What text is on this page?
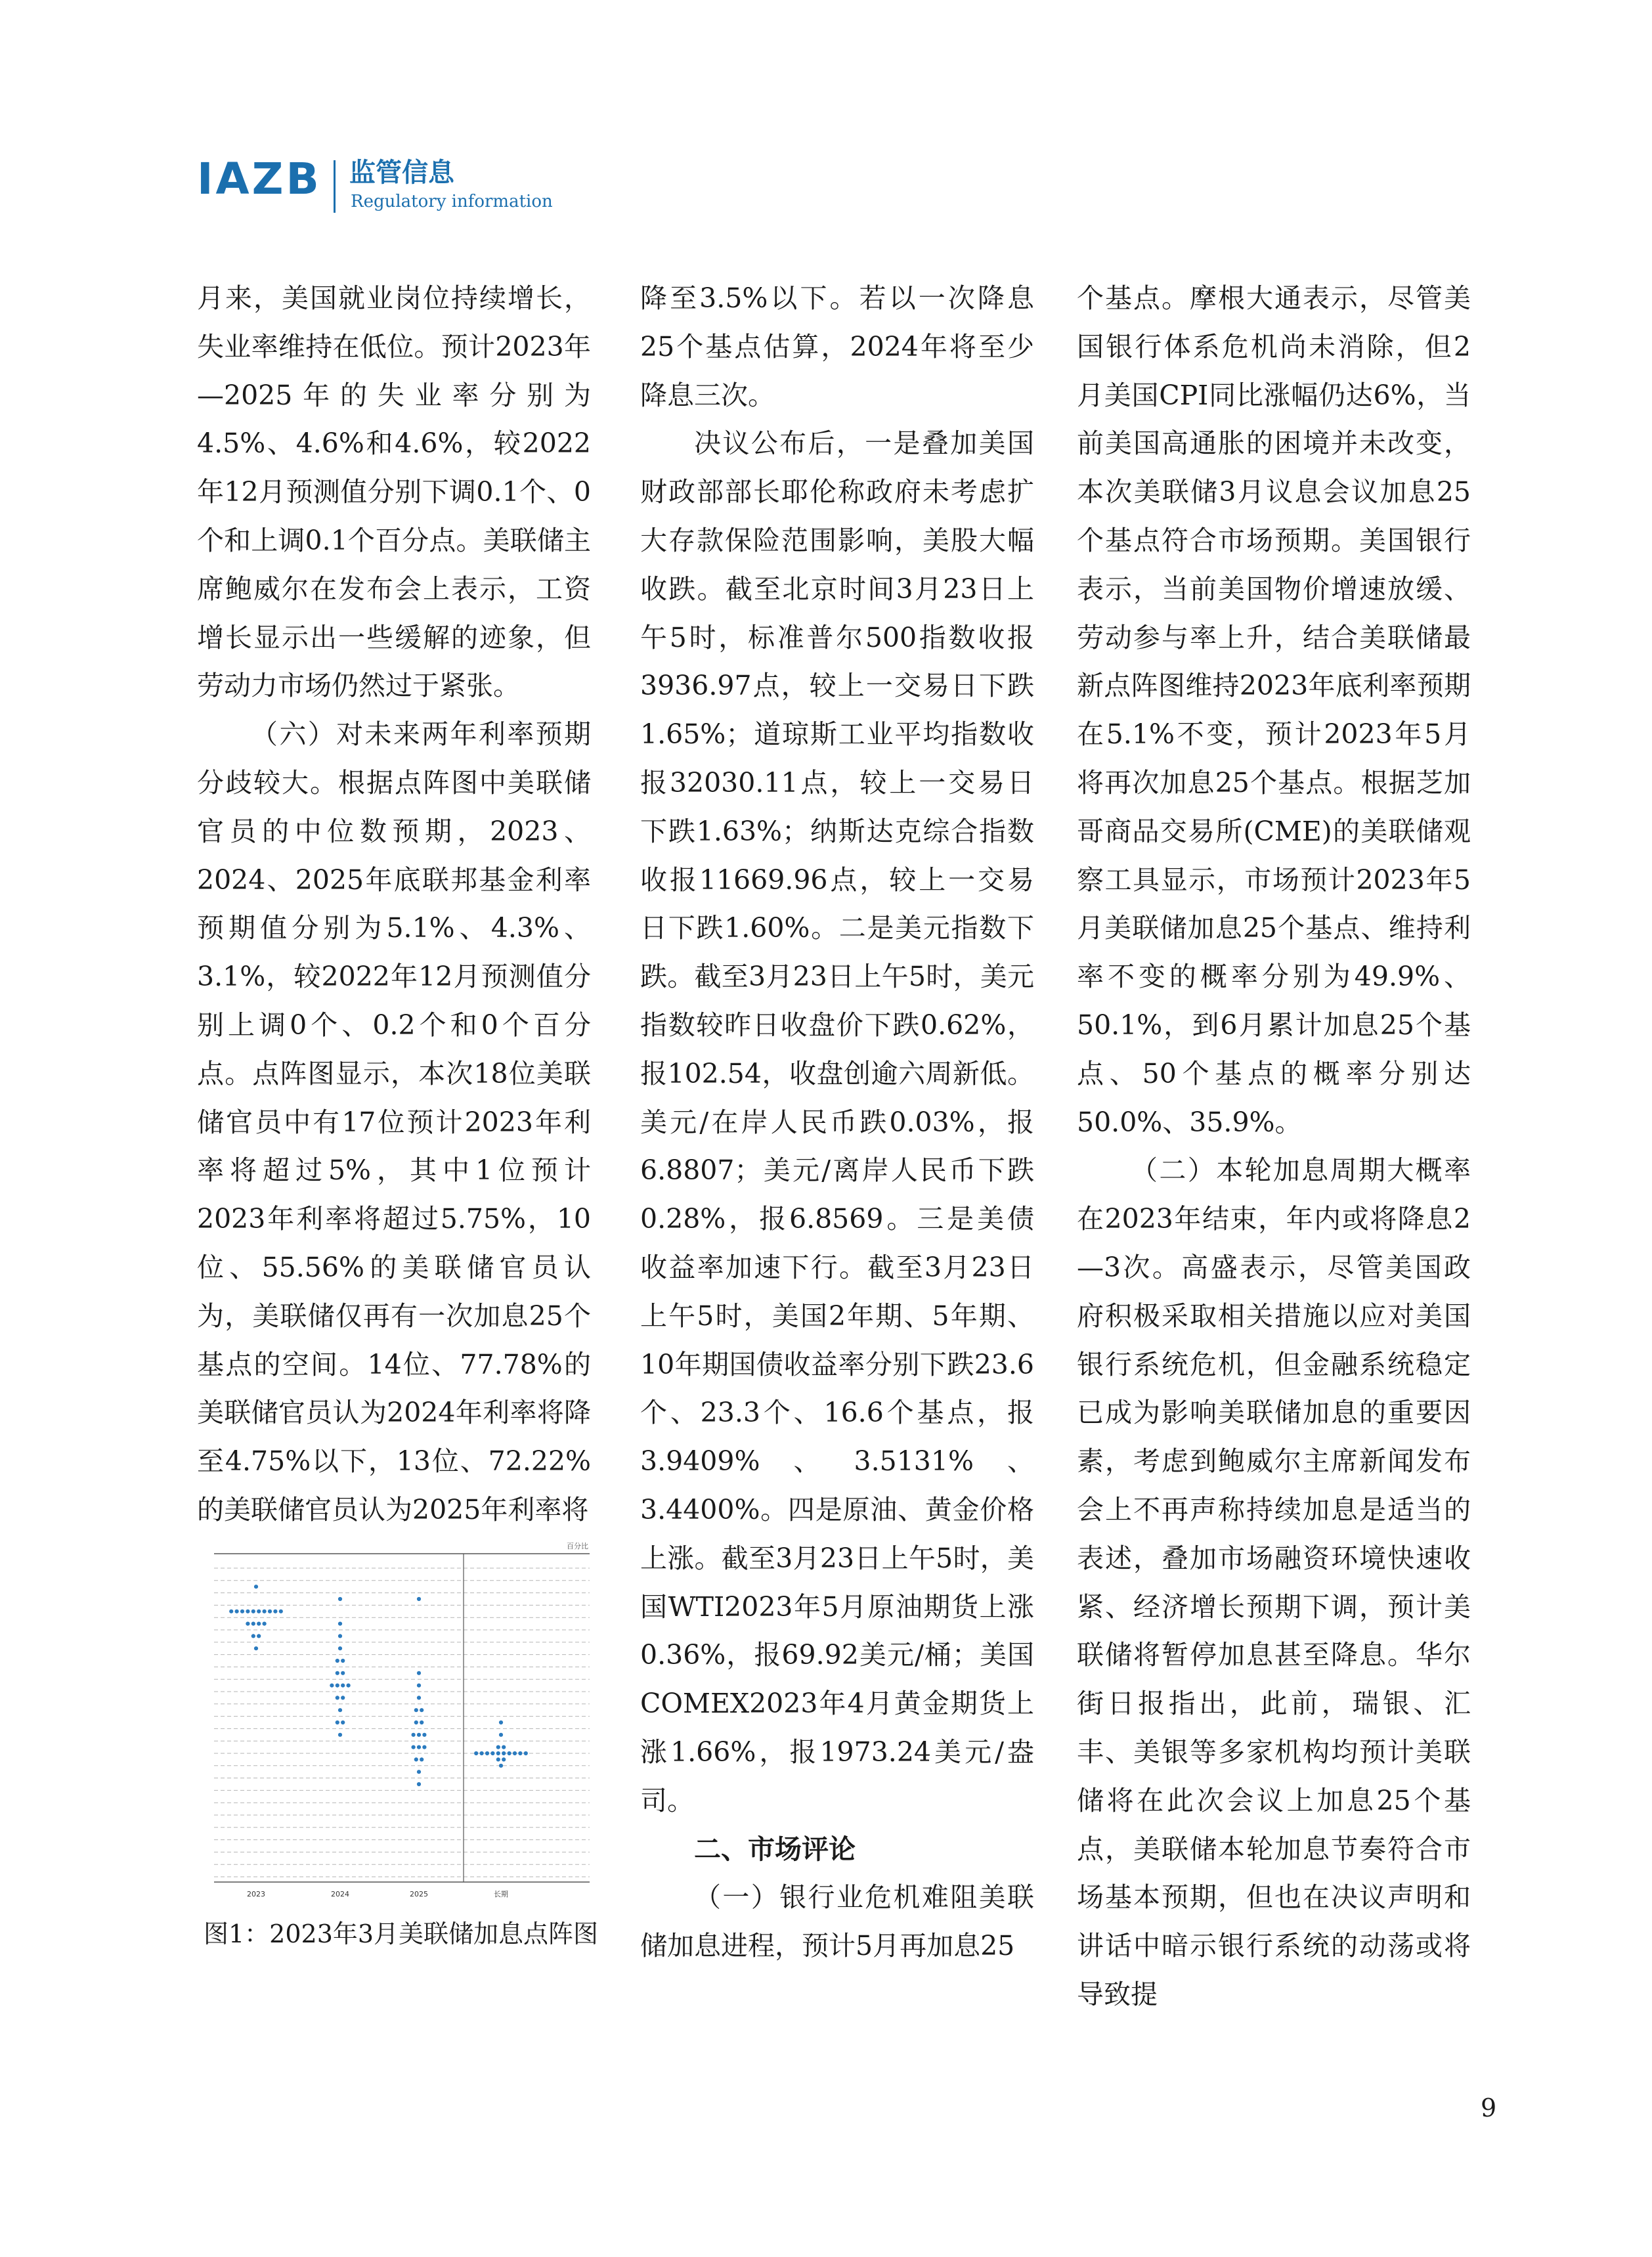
IAZB 监管信息
Regulatory information

月来，美国就业岗位持续增长，失业率维持在低位。预计2023年—2025年的失业率分别为4.5%、4.6%和4.6%，较2022年12月预测值分别下调0.1个、0个和上调0.1个百分点。美联储主席鲍威尔在发布会上表示，工资增长显示出一些缓解的迹象，但劳动力市场仍然过于紧张。

（六）对未来两年利率预期分歧较大。根据点阵图中美联储官员的中位数预期，2023、2024、2025年底联邦基金利率预期值分别为5.1%、4.3%、3.1%，较2022年12月预测值分别上调0个、0.2个和0个百分点。点阵图显示，本次18位美联储官员中有17位预计2023年利率将超过5%，其中1位预计2023年利率将超过5.75%，10位、55.56%的美联储官员认为，美联储仅再有一次加息25个基点的空间。14位、77.78%的美联储官员认为2024年利率将降至4.75%以下，13位、72.22%的美联储官员认为2025年利率将

降至3.5%以下。若以一次降息25个基点估算，2024年将至少降息三次。

决议公布后，一是叠加美国财政部部长耶伦称政府未考虑扩大存款保险范围影响，美股大幅收跌。截至北京时间3月23日上午5时，标准普尔500指数收报3936.97点，较上一交易日下跌1.65%；道琼斯工业平均指数收报32030.11点，较上一交易日下跌1.63%；纳斯达克综合指数收报11669.96点，较上一交易日下跌1.60%。二是美元指数下跌。截至3月23日上午5时，美元指数较昨日收盘价下跌0.62%，报102.54，收盘创逾六周新低。美元/在岸人民币跌0.03%，报6.8807；美元/离岸人民币下跌0.28%，报6.8569。三是美债收益率加速下行。截至3月23日上午5时，美国2年期、5年期、10年期国债收益率分别下跌23.6个、23.3个、16.6个基点，报3.9409%、3.5131%、3.4400%。四是原油、黄金价格上涨。截至3月23日上午5时，美国WTI2023年5月原油期货上涨0.36%，报69.92美元/桶；美国COMEX2023年4月黄金期货上涨1.66%，报1973.24美元/盎司。

二、市场评论

（一）银行业危机难阻美联储加息进程，预计5月再加息25

个基点。摩根大通表示，尽管美国银行体系危机尚未消除，但2月美国CPI同比涨幅仍达6%，当前美国高通胀的困境并未改变，本次美联储3月议息会议加息25个基点符合市场预期。美国银行表示，当前美国物价增速放缓、劳动参与率上升，结合美联储最新点阵图维持2023年底利率预期在5.1%不变，预计2023年5月将再次加息25个基点。根据芝加哥商品交易所(CME)的美联储观察工具显示，市场预计2023年5月美联储加息25个基点、维持利率不变的概率分别为49.9%、50.1%，到6月累计加息25个基点、50个基点的概率分别达50.0%、35.9%。

（二）本轮加息周期大概率在2023年结束，年内或将降息2—3次。高盛表示，尽管美国政府积极采取相关措施以应对美国银行系统危机，但金融系统稳定已成为影响美联储加息的重要因素，考虑到鲍威尔主席新闻发布会上不再声称持续加息是适当的表述，叠加市场融资环境快速收紧、经济增长预期下调，预计美联储将暂停加息甚至降息。华尔街日报指出，此前，瑞银、汇丰、美银等多家机构均预计美联储将在此次会议上加息25个基点，美联储本轮加息节奏符合市场基本预期，但也在决议声明和讲话中暗示银行系统的动荡或将导致提

百分比
2023	2024	2025	长期
图1：2023年3月美联储加息点阵图
9
